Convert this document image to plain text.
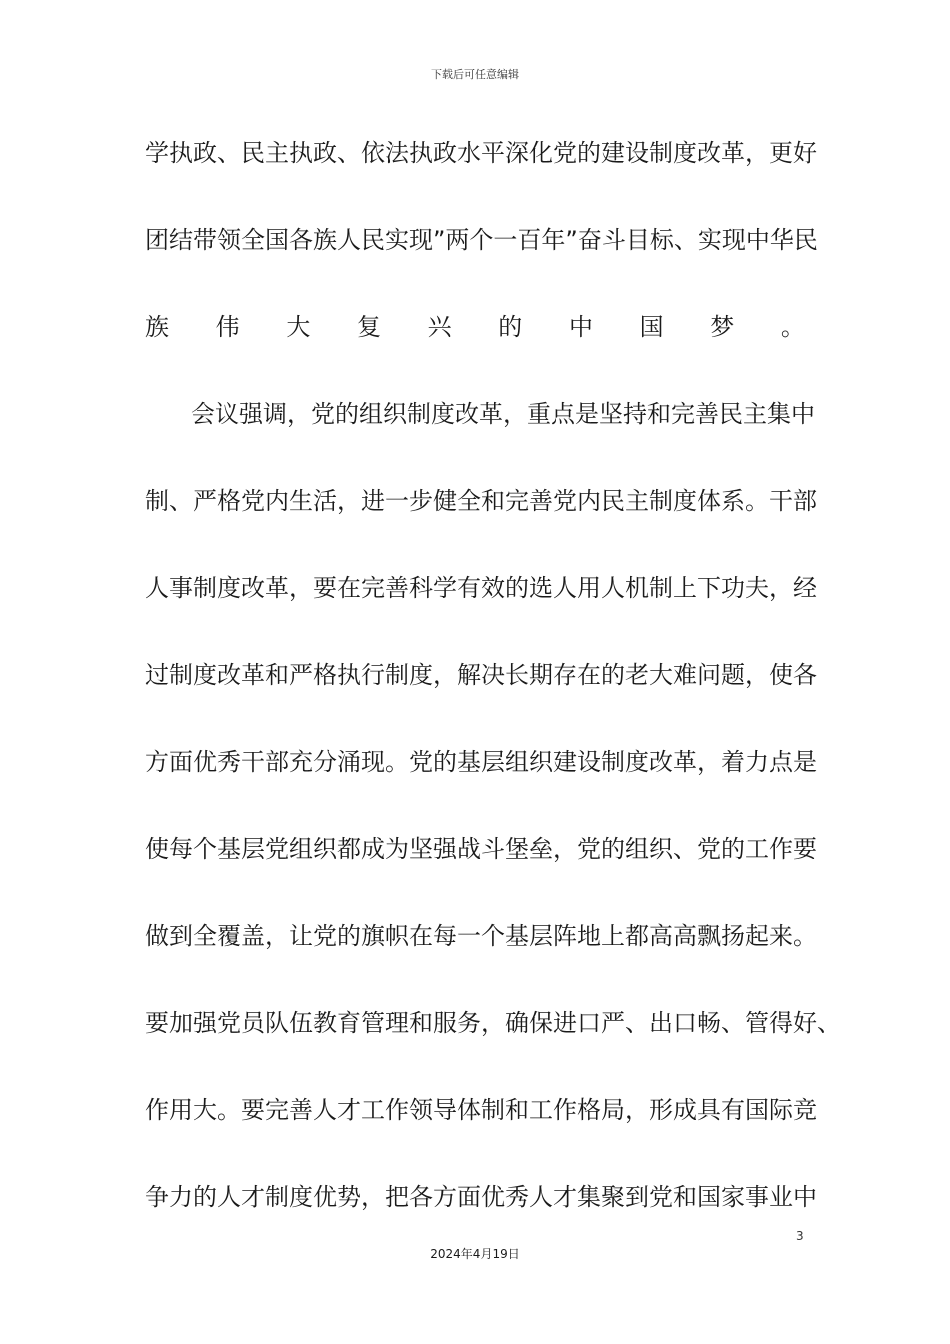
下载后可任意编辑
学执政、民主执政、依法执政水平深化党的建设制度改革，更好
团结带领全国各族人民实现”两个一百年”奋斗目标、实现中华民
族 伟 大 复 兴 的 中 国 梦 。
会议强调，党的组织制度改革，重点是坚持和完善民主集中
制、严格党内生活，进一步健全和完善党内民主制度体系。干部
人事制度改革，要在完善科学有效的选人用人机制上下功夫，经
过制度改革和严格执行制度，解决长期存在的老大难问题，使各
方面优秀干部充分涌现。党的基层组织建设制度改革，着力点是
使每个基层党组织都成为坚强战斗堡垒，党的组织、党的工作要
做到全覆盖，让党的旗帜在每一个基层阵地上都高高飘扬起来。
要加强党员队伍教育管理和服务，确保进口严、出口畅、管得好、
作用大。要完善人才工作领导体制和工作格局，形成具有国际竞
争力的人才制度优势，把各方面优秀人才集聚到党和国家事业中
3
2024年4月19日
